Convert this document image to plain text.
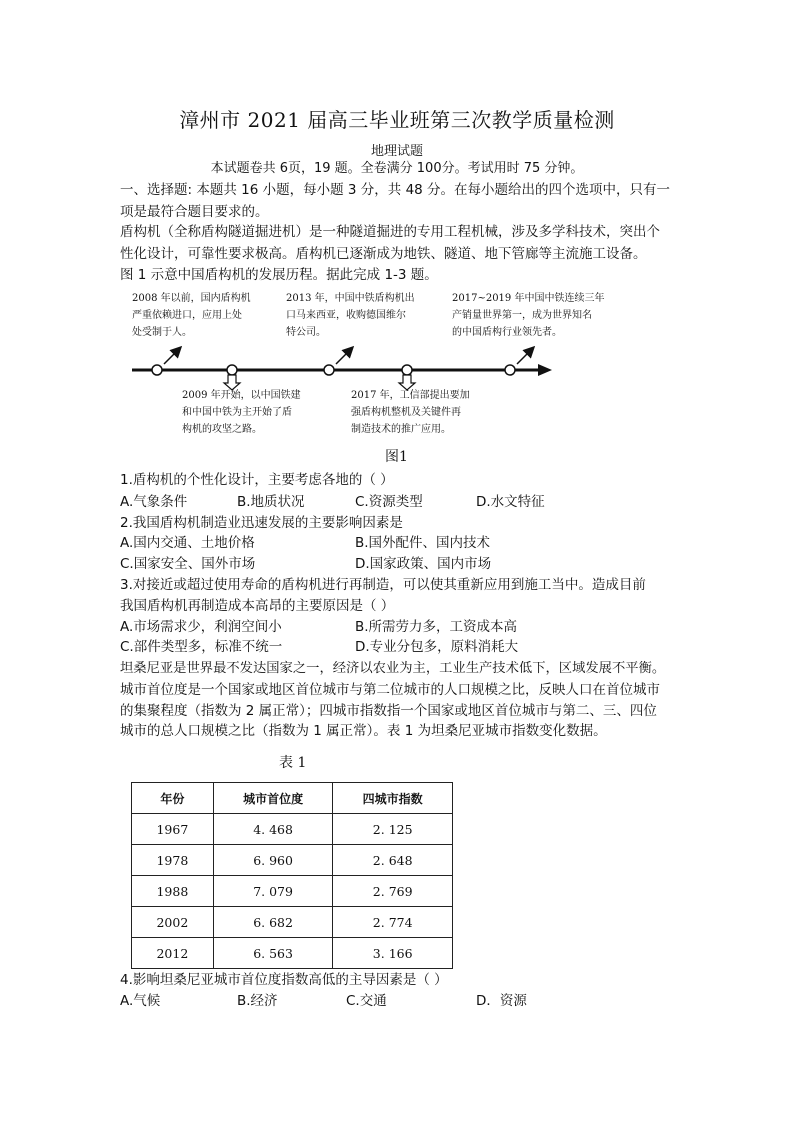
漳州市 2021 届高三毕业班第三次教学质量检测
地理试题
本试题卷共 6页，19 题。全卷满分 100分。考试用时 75 分钟。
一、选择题: 本题共 16 小题，每小题 3 分，共 48 分。在每小题给出的四个选项中，只有一
项是最符合题目要求的。
盾构机（全称盾构隧道掘进机）是一种隧道掘进的专用工程机械，涉及多学科技术，突出个
性化设计，可靠性要求极高。盾构机已逐渐成为地铁、隧道、地下管廊等主流施工设备。
图 1 示意中国盾构机的发展历程。据此完成 1-3 题。
2008 年以前，国内盾构机
严重依赖进口，应用上处
处受制于人。
2009 年开始，以中国铁建
和中国中铁为主开始了盾
构机的攻坚之路。
2013 年，中国中铁盾构机出
口马来西亚，收购德国维尔
特公司。
2017 年，工信部提出要加
强盾构机整机及关键件再
制造技术的推广应用。
2017~2019 年中国中铁连续三年
产销量世界第一，成为世界知名
的中国盾构行业领先者。
图1
1.盾构机的个性化设计，主要考虑各地的（ ）
A.气象条件	B.地质状况	C.资源类型	D.水文特征
2.我国盾构机制造业迅速发展的主要影响因素是
A.国内交通、土地价格	B.国外配件、国内技术
C.国家安全、国外市场	D.国家政策、国内市场
3.对接近或超过使用寿命的盾构机进行再制造，可以使其重新应用到施工当中。造成目前
我国盾构机再制造成本高昂的主要原因是（ ）
A.市场需求少，利润空间小	B.所需劳力多，工资成本高
C.部件类型多，标准不统一	D.专业分包多，原料消耗大
坦桑尼亚是世界最不发达国家之一，经济以农业为主，工业生产技术低下，区域发展不平衡。
城市首位度是一个国家或地区首位城市与第二位城市的人口规模之比，反映人口在首位城市
的集聚程度（指数为 2 属正常）；四城市指数指一个国家或地区首位城市与第二、三、四位
城市的总人口规模之比（指数为 1 属正常）。表 1 为坦桑尼亚城市指数变化数据。
表 1
年份	城市首位度	四城市指数
1967	4. 468	2. 125
1978	6. 960	2. 648
1988	7. 079	2. 769
2002	6. 682	2. 774
2012	6. 563	3. 166
4.影响坦桑尼亚城市首位度指数高低的主导因素是（ ）
A.气候	B.经济	C.交通	D．资源
